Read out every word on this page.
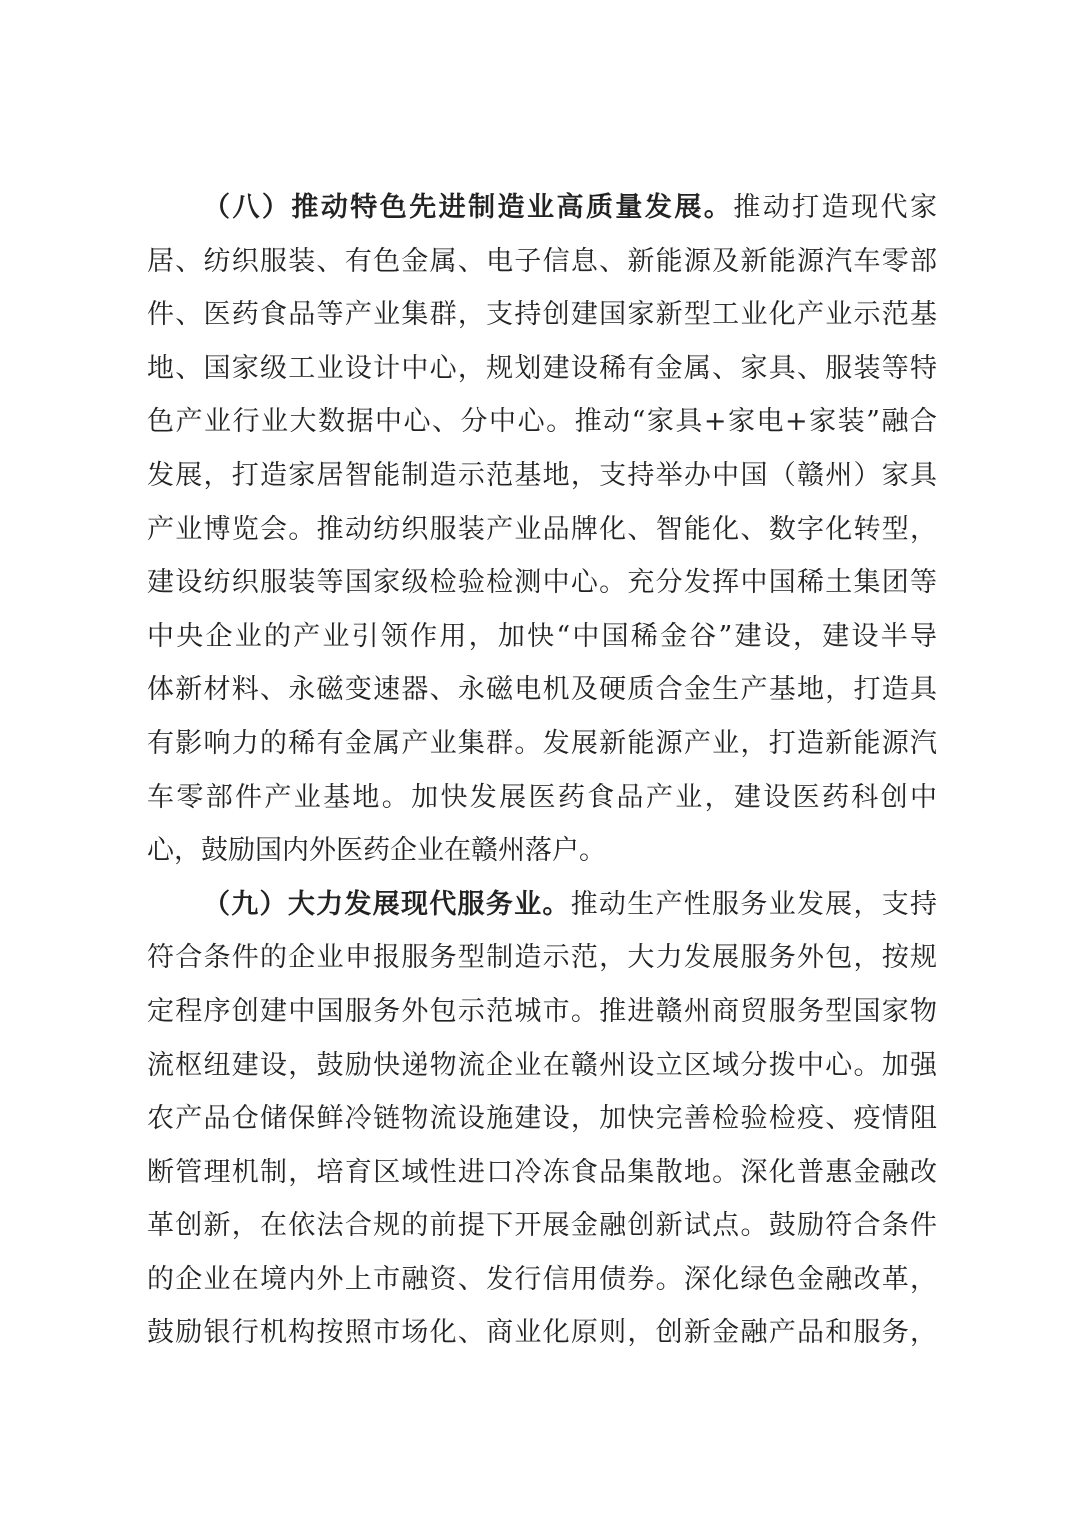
（八）推动特色先进制造业高质量发展。推动打造现代家
居、纺织服装、有色金属、电子信息、新能源及新能源汽车零部
件、医药食品等产业集群，支持创建国家新型工业化产业示范基
地、国家级工业设计中心，规划建设稀有金属、家具、服装等特
色产业行业大数据中心、分中心。推动“家具+家电+家装”融合
发展，打造家居智能制造示范基地，支持举办中国（赣州）家具
产业博览会。推动纺织服装产业品牌化、智能化、数字化转型，
建设纺织服装等国家级检验检测中心。充分发挥中国稀土集团等
中央企业的产业引领作用，加快“中国稀金谷”建设，建设半导
体新材料、永磁变速器、永磁电机及硬质合金生产基地，打造具
有影响力的稀有金属产业集群。发展新能源产业，打造新能源汽
车零部件产业基地。加快发展医药食品产业，建设医药科创中
心，鼓励国内外医药企业在赣州落户。
（九）大力发展现代服务业。推动生产性服务业发展，支持
符合条件的企业申报服务型制造示范，大力发展服务外包，按规
定程序创建中国服务外包示范城市。推进赣州商贸服务型国家物
流枢纽建设，鼓励快递物流企业在赣州设立区域分拨中心。加强
农产品仓储保鲜冷链物流设施建设，加快完善检验检疫、疫情阻
断管理机制，培育区域性进口冷冻食品集散地。深化普惠金融改
革创新，在依法合规的前提下开展金融创新试点。鼓励符合条件
的企业在境内外上市融资、发行信用债券。深化绿色金融改革，
鼓励银行机构按照市场化、商业化原则，创新金融产品和服务，
